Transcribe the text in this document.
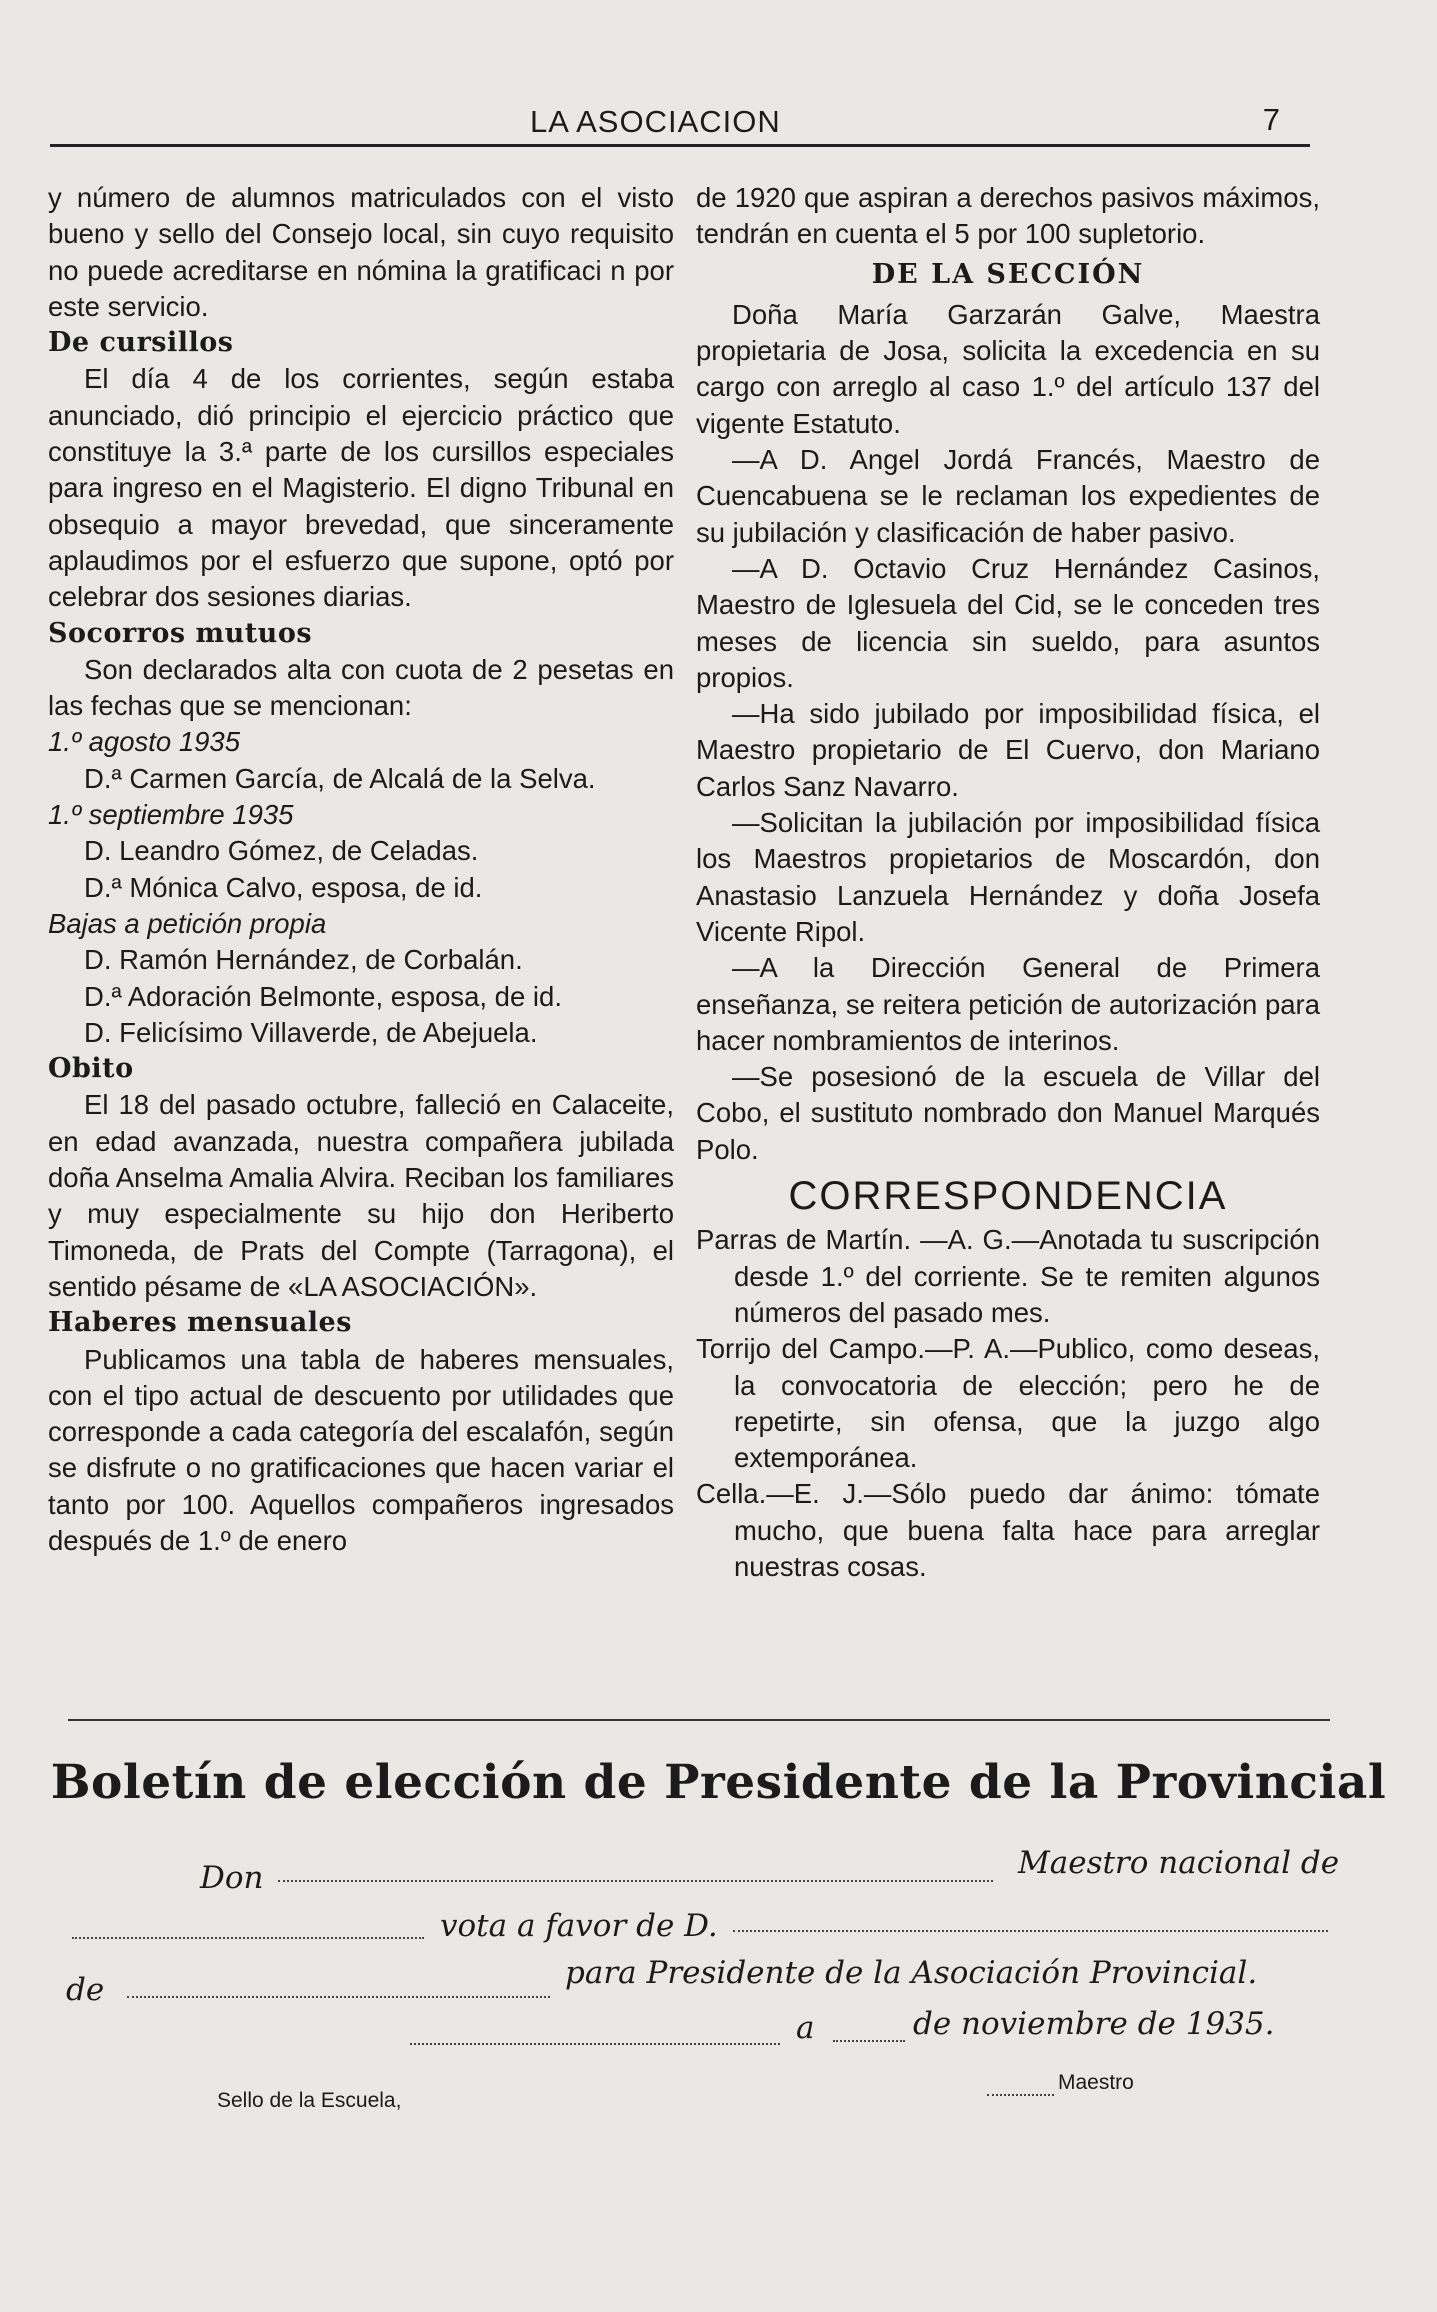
LA ASOCIACION	7

y número de alumnos matriculados con el visto bueno y sello del Consejo local, sin cuyo requisito no puede acreditarse en nómina la gratificaci n por este servicio.

De cursillos

El día 4 de los corrientes, según estaba anunciado, dió principio el ejercicio práctico que constituye la 3.ª parte de los cursillos especiales para ingreso en el Magisterio. El digno Tribunal en obsequio a mayor brevedad, que sinceramente aplaudimos por el esfuerzo que supone, optó por celebrar dos sesiones diarias.

Socorros mutuos

Son declarados alta con cuota de 2 pesetas en las fechas que se mencionan:

1.º agosto 1935

D.ª Carmen García, de Alcalá de la Selva.

1.º septiembre 1935

D. Leandro Gómez, de Celadas.

D.ª Mónica Calvo, esposa, de id.

Bajas a petición propia

D. Ramón Hernández, de Corbalán.

D.ª Adoración Belmonte, esposa, de id.

D. Felicísimo Villaverde, de Abejuela.

Obito

El 18 del pasado octubre, falleció en Calaceite, en edad avanzada, nuestra compañera jubilada doña Anselma Amalia Alvira. Reciban los familiares y muy especialmente su hijo don Heriberto Timoneda, de Prats del Compte (Tarragona), el sentido pésame de «LA ASOCIACIÓN».

Haberes mensuales

Publicamos una tabla de haberes mensuales, con el tipo actual de descuento por utilidades que corresponde a cada categoría del escalafón, según se disfrute o no gratificaciones que hacen variar el tanto por 100. Aquellos compañeros ingresados después de 1.º de enero

de 1920 que aspiran a derechos pasivos máximos, tendrán en cuenta el 5 por 100 supletorio.

DE LA SECCIÓN

Doña María Garzarán Galve, Maestra propietaria de Josa, solicita la excedencia en su cargo con arreglo al caso 1.º del artículo 137 del vigente Estatuto.

—A D. Angel Jordá Francés, Maestro de Cuencabuena se le reclaman los expedientes de su jubilación y clasificación de haber pasivo.

—A D. Octavio Cruz Hernández Casinos, Maestro de Iglesuela del Cid, se le conceden tres meses de licencia sin sueldo, para asuntos propios.

—Ha sido jubilado por imposibilidad física, el Maestro propietario de El Cuervo, don Mariano Carlos Sanz Navarro.

—Solicitan la jubilación por imposibilidad física los Maestros propietarios de Moscardón, don Anastasio Lanzuela Hernández y doña Josefa Vicente Ripol.

—A la Dirección General de Primera enseñanza, se reitera petición de autorización para hacer nombramientos de interinos.

—Se posesionó de la escuela de Villar del Cobo, el sustituto nombrado don Manuel Marqués Polo.

CORRESPONDENCIA

Parras de Martín. —A. G.—Anotada tu suscripción desde 1.º del corriente. Se te remiten algunos números del pasado mes.

Torrijo del Campo.—P. A.—Publico, como deseas, la convocatoria de elección; pero he de repetirte, sin ofensa, que la juzgo algo extemporánea.

Cella.—E. J.—Sólo puedo dar ánimo: tómate mucho, que buena falta hace para arreglar nuestras cosas.

Boletín de elección de Presidente de la Provincial
Don	Maestro nacional de
vota a favor de D.
de	para Presidente de la Asociación Provincial.
a	de noviembre de 1935.
Sello de la Escuela,
Maestro
